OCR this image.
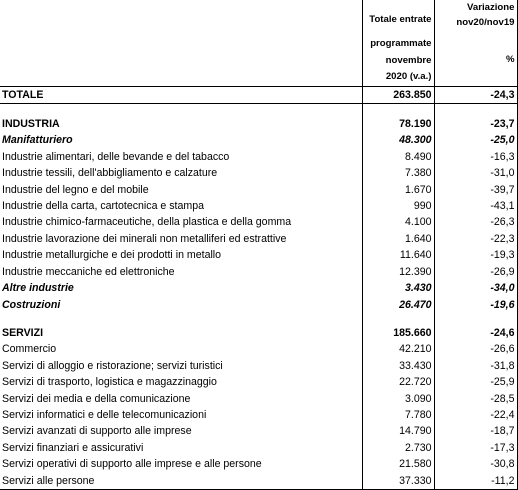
	Totale entrate
programmate
novembre
2020 (v.a.)	Variazione
nov20/nov19
%

TOTALE	263.850	-24,3

INDUSTRIA	78.190	-23,7
Manifatturiero	48.300	-25,0
Industrie alimentari, delle bevande e del tabacco	8.490	-16,3
Industrie tessili, dell'abbigliamento e calzature	7.380	-31,0
Industrie del legno e del mobile	1.670	-39,7
Industrie della carta, cartotecnica e stampa	990	-43,1
Industrie chimico-farmaceutiche, della plastica e della gomma	4.100	-26,3
Industrie lavorazione dei minerali non metalliferi ed estrattive	1.640	-22,3
Industrie metallurgiche e dei prodotti in metallo	11.640	-19,3
Industrie meccaniche ed elettroniche	12.390	-26,9
Altre industrie	3.430	-34,0
Costruzioni	26.470	-19,6

SERVIZI	185.660	-24,6
Commercio	42.210	-26,6
Servizi di alloggio e ristorazione; servizi turistici	33.430	-31,8
Servizi di trasporto, logistica e magazzinaggio	22.720	-25,9
Servizi dei media e della comunicazione	3.090	-28,5
Servizi informatici e delle telecomunicazioni	7.780	-22,4
Servizi avanzati di supporto alle imprese	14.790	-18,7
Servizi finanziari e assicurativi	2.730	-17,3
Servizi operativi di supporto alle imprese e alle persone	21.580	-30,8
Servizi alle persone	37.330	-11,2
